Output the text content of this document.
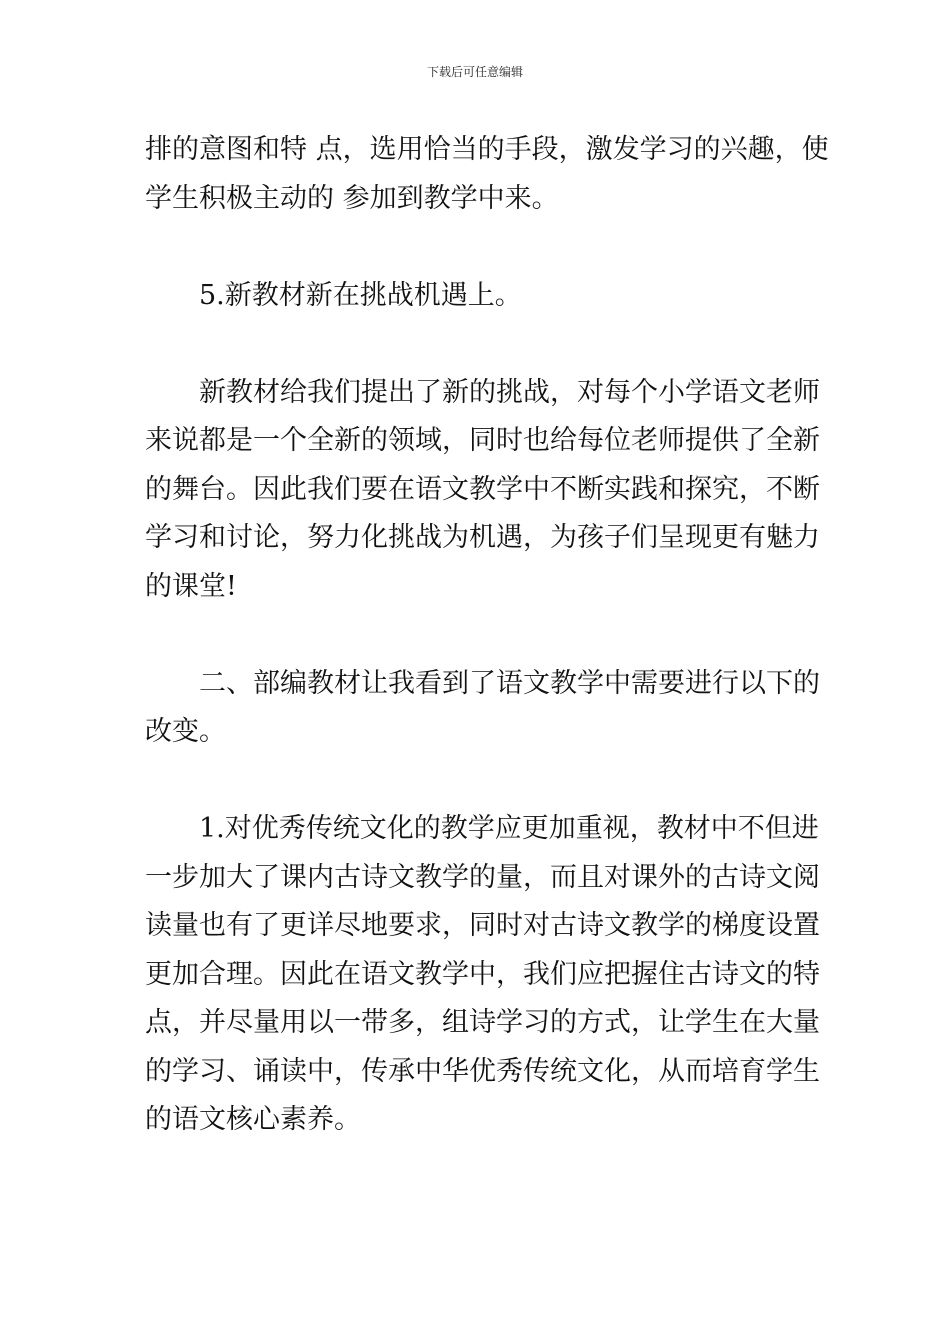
下载后可任意编辑

排的意图和特 点，选用恰当的手段，激发学习的兴趣，使
学生积极主动的 参加到教学中来。

5.新教材新在挑战机遇上。

新教材给我们提出了新的挑战，对每个小学语文老师
来说都是一个全新的领域，同时也给每位老师提供了全新
的舞台。因此我们要在语文教学中不断实践和探究，不断
学习和讨论，努力化挑战为机遇，为孩子们呈现更有魅力
的课堂!

二、部编教材让我看到了语文教学中需要进行以下的
改变。

1.对优秀传统文化的教学应更加重视，教材中不但进
一步加大了课内古诗文教学的量，而且对课外的古诗文阅
读量也有了更详尽地要求，同时对古诗文教学的梯度设置
更加合理。因此在语文教学中，我们应把握住古诗文的特
点，并尽量用以一带多，组诗学习的方式，让学生在大量
的学习、诵读中，传承中华优秀传统文化，从而培育学生
的语文核心素养。
